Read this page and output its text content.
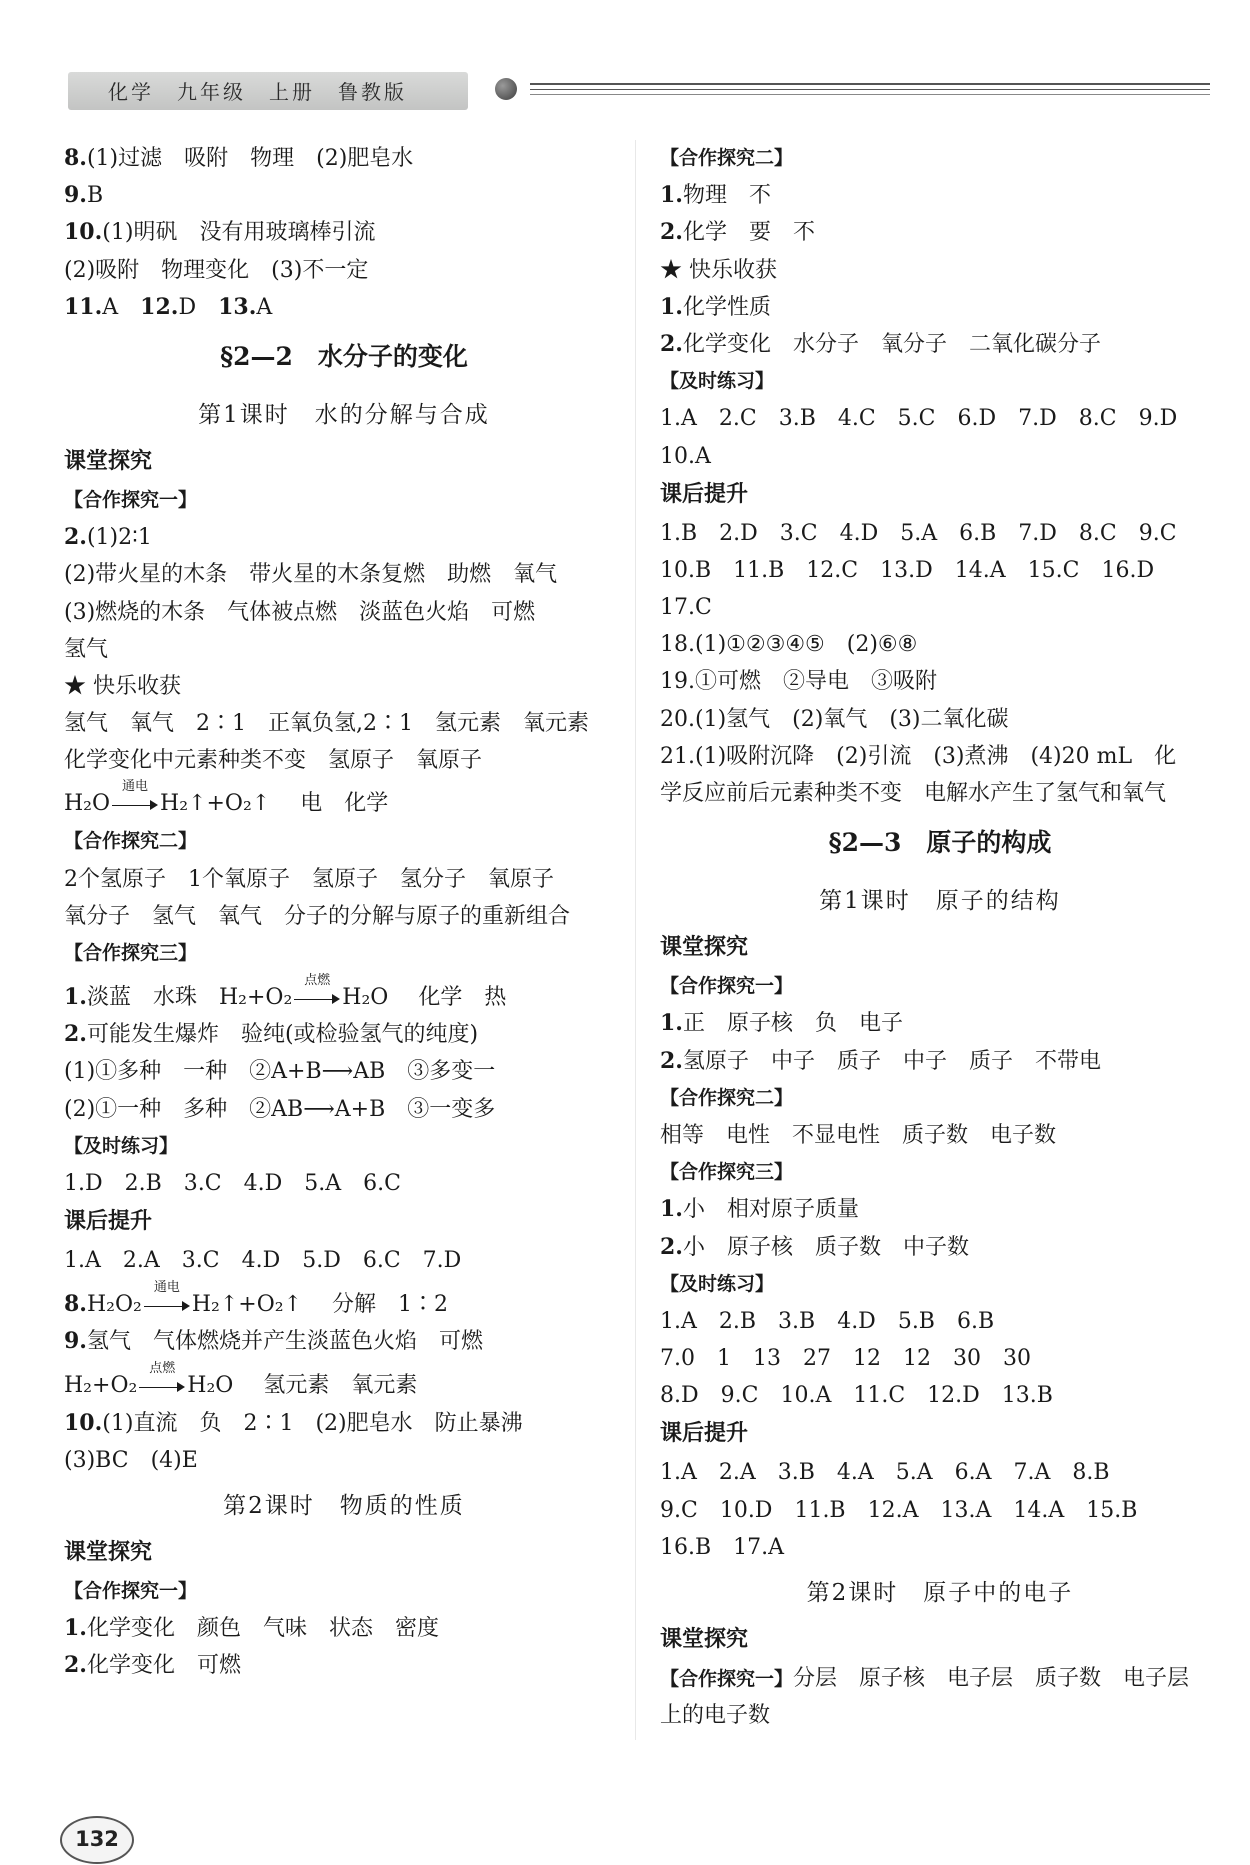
化学　九年级　上册　鲁教版
8.(1)过滤　吸附　物理　(2)肥皂水
9.B
10.(1)明矾　没有用玻璃棒引流
(2)吸附　物理变化　(3)不一定
11.A　12.D　13.A
§2—2　水分子的变化
第1课时　水的分解与合成
课堂探究
【合作探究一】
2.(1)2∶1
(2)带火星的木条　带火星的木条复燃　助燃　氧气
(3)燃烧的木条　气体被点燃　淡蓝色火焰　可燃
氢气
★ 快乐收获
氢气　氧气　2∶1　正氧负氢,2∶1　氢元素　氧元素
化学变化中元素种类不变　氢原子　氧原子
H₂O
通电
H₂↑+O₂↑ 电　化学
【合作探究二】
2个氢原子　1个氧原子　氢原子　氢分子　氧原子
氧分子　氢气　氧气　分子的分解与原子的重新组合
【合作探究三】
1.淡蓝　水珠　H₂+O₂
点燃
H₂O 化学　热
2.可能发生爆炸　验纯(或检验氢气的纯度)
(1)①多种　一种　②A+B⟶AB　③多变一
(2)①一种　多种　②AB⟶A+B　③一变多
【及时练习】
1.D　2.B　3.C　4.D　5.A　6.C
课后提升
1.A　2.A　3.C　4.D　5.D　6.C　7.D
8.H₂O₂
通电
H₂↑+O₂↑ 分解　1∶2
9.氢气　气体燃烧并产生淡蓝色火焰　可燃
H₂+O₂
点燃
H₂O 氢元素　氧元素
10.(1)直流　负　2∶1　(2)肥皂水　防止暴沸
(3)BC　(4)E
第2课时　物质的性质
课堂探究
【合作探究一】
1.化学变化　颜色　气味　状态　密度
2.化学变化　可燃
【合作探究二】
1.物理　不
2.化学　要　不
★ 快乐收获
1.化学性质
2.化学变化　水分子　氧分子　二氧化碳分子
【及时练习】
1.A　2.C　3.B　4.C　5.C　6.D　7.D　8.C　9.D
10.A
课后提升
1.B　2.D　3.C　4.D　5.A　6.B　7.D　8.C　9.C
10.B　11.B　12.C　13.D　14.A　15.C　16.D
17.C
18.(1)①②③④⑤　(2)⑥⑧
19.①可燃　②导电　③吸附
20.(1)氢气　(2)氧气　(3)二氧化碳
21.(1)吸附沉降　(2)引流　(3)煮沸　(4)20 mL　化
学反应前后元素种类不变　电解水产生了氢气和氧气
§2—3　原子的构成
第1课时　原子的结构
课堂探究
【合作探究一】
1.正　原子核　负　电子
2.氢原子　中子　质子　中子　质子　不带电
【合作探究二】
相等　电性　不显电性　质子数　电子数
【合作探究三】
1.小　相对原子质量
2.小　原子核　质子数　中子数
【及时练习】
1.A　2.B　3.B　4.D　5.B　6.B
7.0　1　13　27　12　12　30　30
8.D　9.C　10.A　11.C　12.D　13.B
课后提升
1.A　2.A　3.B　4.A　5.A　6.A　7.A　8.B
9.C　10.D　11.B　12.A　13.A　14.A　15.B
16.B　17.A
第2课时　原子中的电子
课堂探究
【合作探究一】分层　原子核　电子层　质子数　电子层
上的电子数
132
